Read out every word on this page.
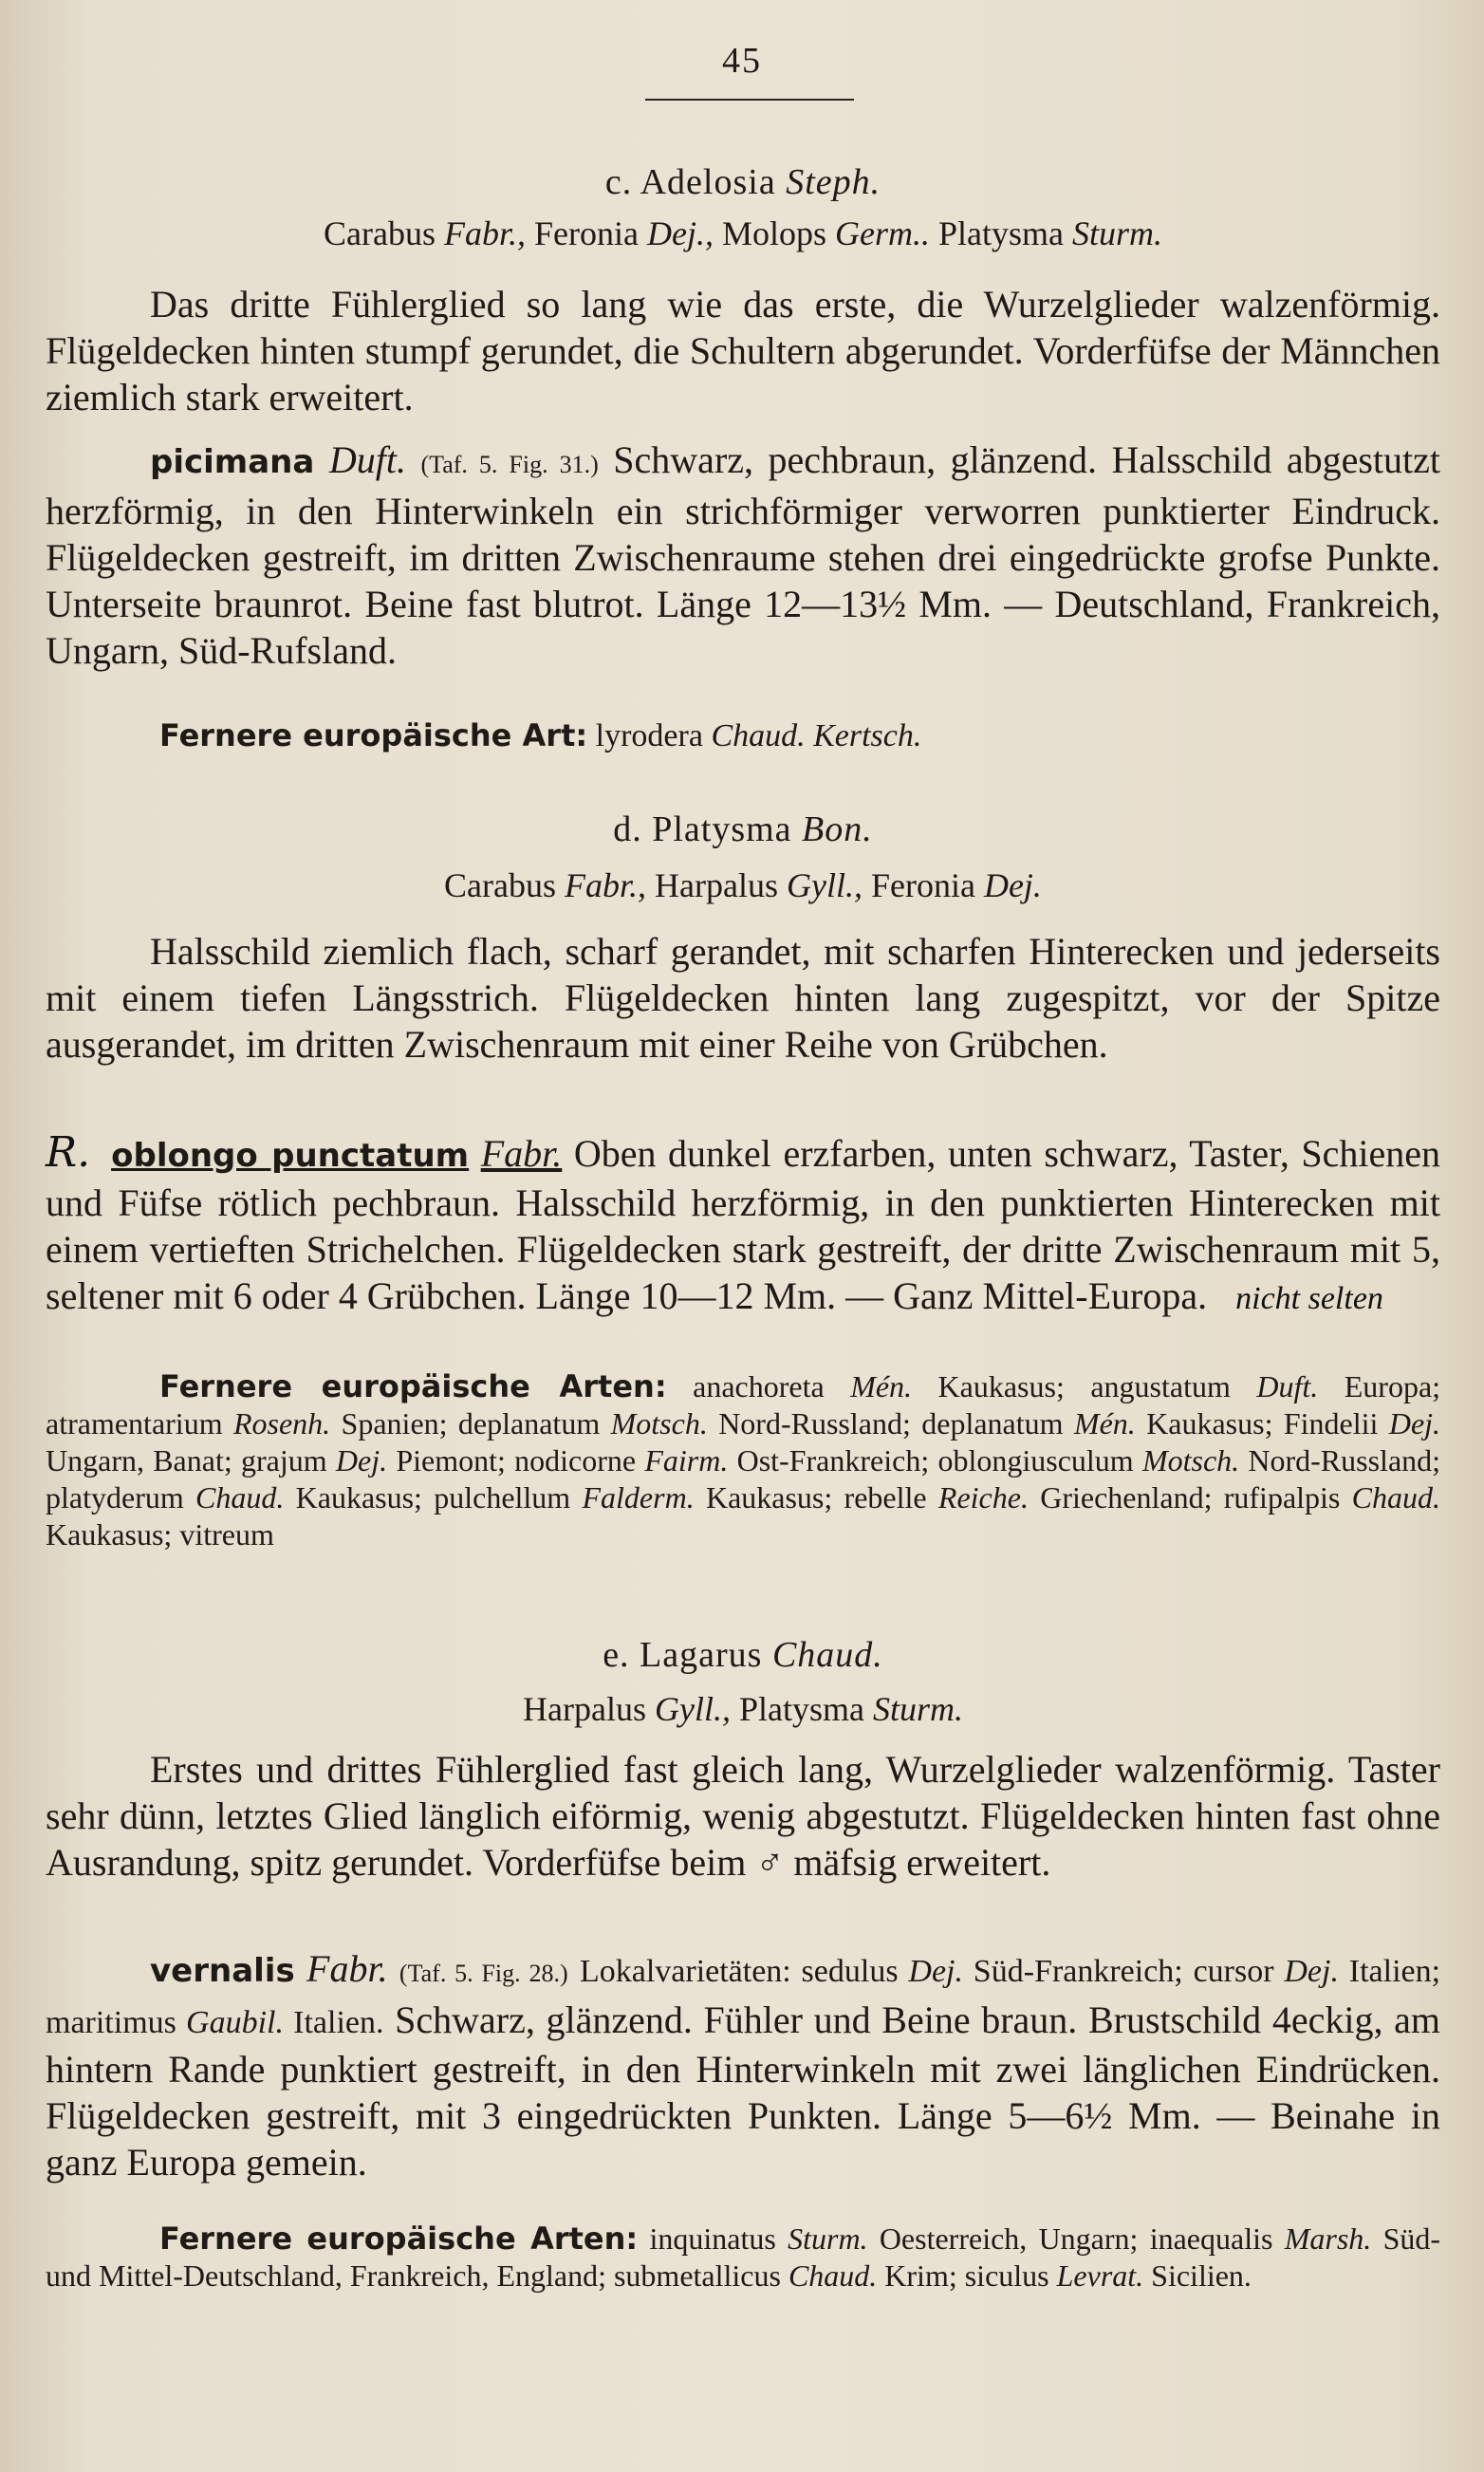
45
c. Adelosia Steph.
Carabus Fabr., Feronia Dej., Molops Germ.. Platysma Sturm.
Das dritte Fühlerglied so lang wie das erste, die Wurzelglieder walzenförmig. Flügeldecken hinten stumpf gerundet, die Schultern abgerundet. Vorderfüfse der Männchen ziemlich stark erweitert.
picimana Duft. (Taf. 5. Fig. 31.) Schwarz, pechbraun, glänzend. Halsschild abgestutzt herzförmig, in den Hinterwinkeln ein strichförmiger verworren punktierter Eindruck. Flügeldecken gestreift, im dritten Zwischenraume stehen drei eingedrückte grofse Punkte. Unterseite braunrot. Beine fast blutrot. Länge 12—13½ Mm. — Deutschland, Frankreich, Ungarn, Süd-Rufsland.
Fernere europäische Art: lyrodera Chaud. Kertsch.
d. Platysma Bon.
Carabus Fabr., Harpalus Gyll., Feronia Dej.
Halsschild ziemlich flach, scharf gerandet, mit scharfen Hinterecken und jederseits mit einem tiefen Längsstrich. Flügeldecken hinten lang zugespitzt, vor der Spitze ausgerandet, im dritten Zwischenraum mit einer Reihe von Grübchen.
R. oblongo punctatum Fabr. Oben dunkel erzfarben, unten schwarz, Taster, Schienen und Füfse rötlich pechbraun. Halsschild herzförmig, in den punktierten Hinterecken mit einem vertieften Strichelchen. Flügeldecken stark gestreift, der dritte Zwischenraum mit 5, seltener mit 6 oder 4 Grübchen. Länge 10—12 Mm. — Ganz Mittel-Europa. nicht selten
Fernere europäische Arten: anachoreta Mén. Kaukasus; angustatum Duft. Europa; atramentarium Rosenh. Spanien; deplanatum Motsch. Nord-Russland; deplanatum Mén. Kaukasus; Findelii Dej. Ungarn, Banat; grajum Dej. Piemont; nodicorne Fairm. Ost-Frankreich; oblongiusculum Motsch. Nord-Russland; platyderum Chaud. Kaukasus; pulchellum Falderm. Kaukasus; rebelle Reiche. Griechenland; rufipalpis Chaud. Kaukasus; vitreum
e. Lagarus Chaud.
Harpalus Gyll., Platysma Sturm.
Erstes und drittes Fühlerglied fast gleich lang, Wurzelglieder walzenförmig. Taster sehr dünn, letztes Glied länglich eiförmig, wenig abgestutzt. Flügeldecken hinten fast ohne Ausrandung, spitz gerundet. Vorderfüfse beim ♂ mäfsig erweitert.
vernalis Fabr. (Taf. 5. Fig. 28.) Lokalvarietäten: sedulus Dej. Süd-Frankreich; cursor Dej. Italien; maritimus Gaubil. Italien. Schwarz, glänzend. Fühler und Beine braun. Brustschild 4eckig, am hintern Rande punktiert gestreift, in den Hinterwinkeln mit zwei länglichen Eindrücken. Flügeldecken gestreift, mit 3 eingedrückten Punkten. Länge 5—6½ Mm. — Beinahe in ganz Europa gemein.
Fernere europäische Arten: inquinatus Sturm. Oesterreich, Ungarn; inaequalis Marsh. Süd- und Mittel-Deutschland, Frankreich, England; submetallicus Chaud. Krim; siculus Levrat. Sicilien.
